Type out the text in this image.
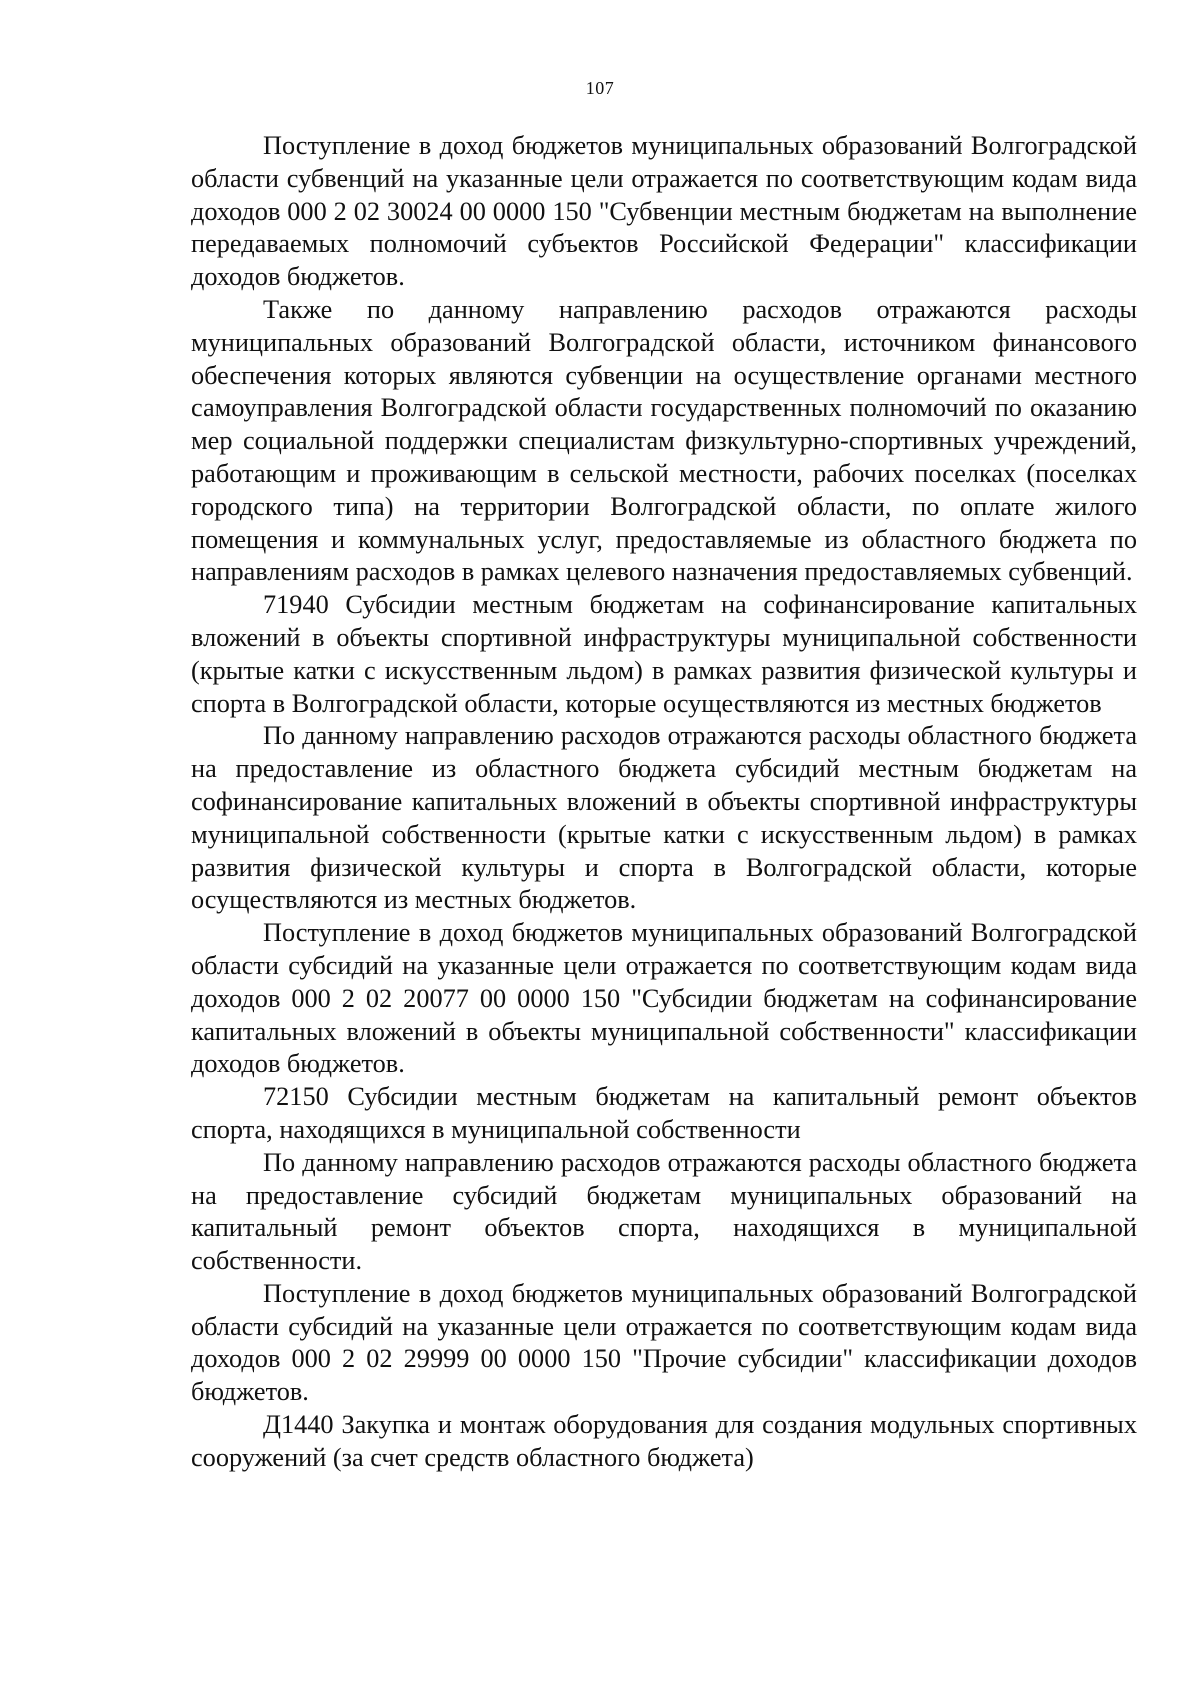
107

Поступление в доход бюджетов муниципальных образований Волгоградской области субвенций на указанные цели отражается по соответствующим кодам вида доходов 000 2 02 30024 00 0000 150 "Субвенции местным бюджетам на выполнение передаваемых полномочий субъектов Российской Федерации" классификации доходов бюджетов.

Также по данному направлению расходов отражаются расходы муниципальных образований Волгоградской области, источником финансового обеспечения которых являются субвенции на осуществление органами местного самоуправления Волгоградской области государственных полномочий по оказанию мер социальной поддержки специалистам физкультурно-спортивных учреждений, работающим и проживающим в сельской местности, рабочих поселках (поселках городского типа) на территории Волгоградской области, по оплате жилого помещения и коммунальных услуг, предоставляемые из областного бюджета по направлениям расходов в рамках целевого назначения предоставляемых субвенций.

71940 Субсидии местным бюджетам на софинансирование капитальных вложений в объекты спортивной инфраструктуры муниципальной собственности (крытые катки с искусственным льдом) в рамках развития физической культуры и спорта в Волгоградской области, которые осуществляются из местных бюджетов

По данному направлению расходов отражаются расходы областного бюджета на предоставление из областного бюджета субсидий местным бюджетам на софинансирование капитальных вложений в объекты спортивной инфраструктуры муниципальной собственности (крытые катки с искусственным льдом) в рамках развития физической культуры и спорта в Волгоградской области, которые осуществляются из местных бюджетов.

Поступление в доход бюджетов муниципальных образований Волгоградской области субсидий на указанные цели отражается по соответствующим кодам вида доходов 000 2 02 20077 00 0000 150 "Субсидии бюджетам на софинансирование капитальных вложений в объекты муниципальной собственности" классификации доходов бюджетов.

72150 Субсидии местным бюджетам на капитальный ремонт объектов спорта, находящихся в муниципальной собственности

По данному направлению расходов отражаются расходы областного бюджета на предоставление субсидий бюджетам муниципальных образований на капитальный ремонт объектов спорта, находящихся в муниципальной собственности.

Поступление в доход бюджетов муниципальных образований Волгоградской области субсидий на указанные цели отражается по соответствующим кодам вида доходов 000 2 02 29999 00 0000 150 "Прочие субсидии" классификации доходов бюджетов.

Д1440 Закупка и монтаж оборудования для создания модульных спортивных сооружений (за счет средств областного бюджета)
